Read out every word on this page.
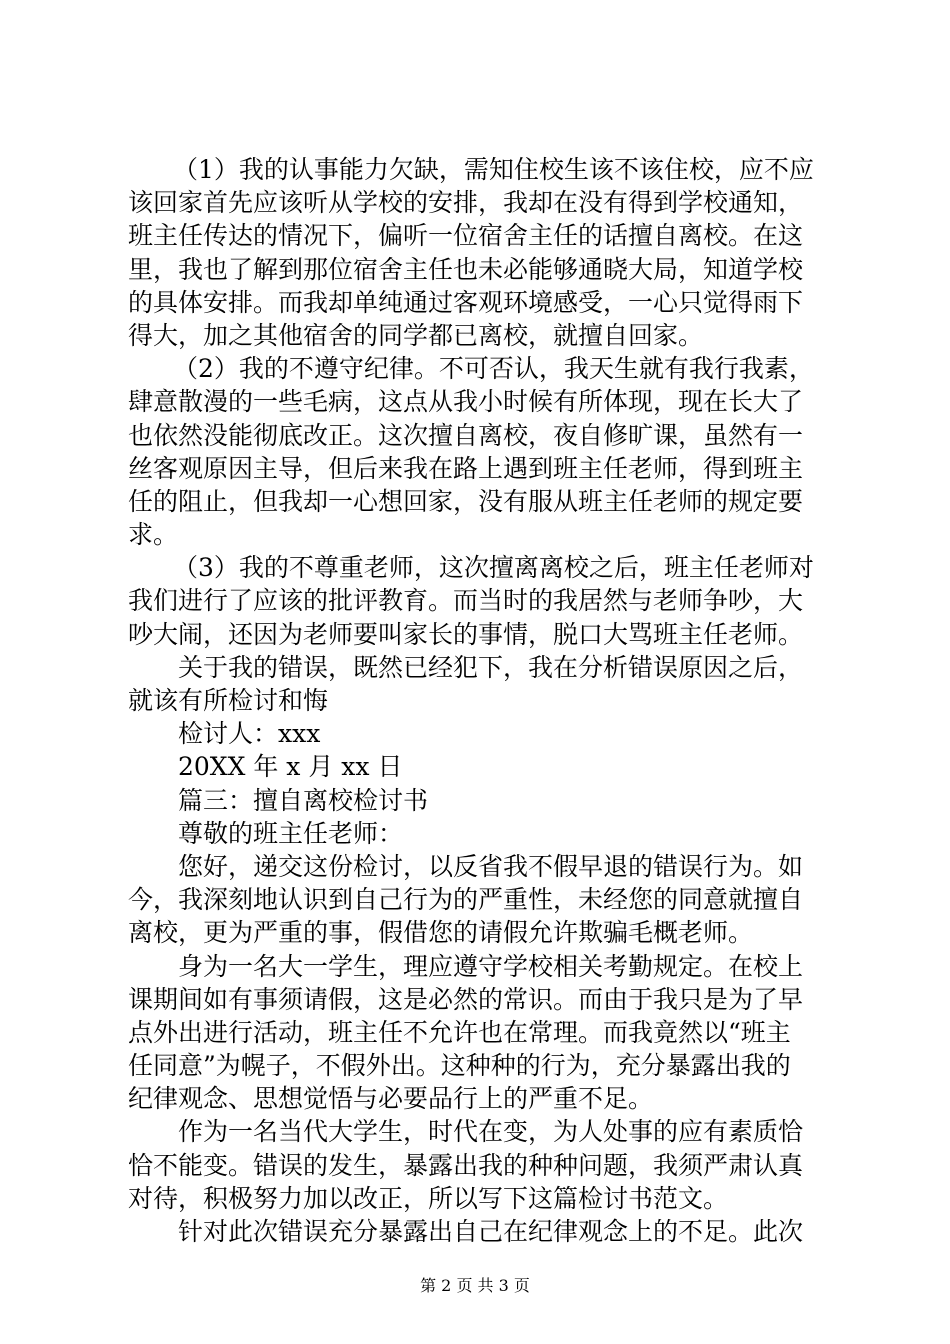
（1）我的认事能力欠缺，需知住校生该不该住校，应不应
该回家首先应该听从学校的安排，我却在没有得到学校通知，
班主任传达的情况下，偏听一位宿舍主任的话擅自离校。在这
里，我也了解到那位宿舍主任也未必能够通晓大局，知道学校
的具体安排。而我却单纯通过客观环境感受，一心只觉得雨下
得大，加之其他宿舍的同学都已离校，就擅自回家。
（2）我的不遵守纪律。不可否认，我天生就有我行我素，
肆意散漫的一些毛病，这点从我小时候有所体现，现在长大了
也依然没能彻底改正。这次擅自离校，夜自修旷课，虽然有一
丝客观原因主导，但后来我在路上遇到班主任老师，得到班主
任的阻止，但我却一心想回家，没有服从班主任老师的规定要
求。
（3）我的不尊重老师，这次擅离离校之后，班主任老师对
我们进行了应该的批评教育。而当时的我居然与老师争吵，大
吵大闹，还因为老师要叫家长的事情，脱口大骂班主任老师。
关于我的错误，既然已经犯下，我在分析错误原因之后，
就该有所检讨和悔
检讨人：xxx
20XX 年 x 月 xx 日
篇三：擅自离校检讨书
尊敬的班主任老师：
您好，递交这份检讨，以反省我不假早退的错误行为。如
今，我深刻地认识到自己行为的严重性，未经您的同意就擅自
离校，更为严重的事，假借您的请假允许欺骗毛概老师。
身为一名大一学生，理应遵守学校相关考勤规定。在校上
课期间如有事须请假，这是必然的常识。而由于我只是为了早
点外出进行活动，班主任不允许也在常理。而我竟然以“班主
任同意”为幌子，不假外出。这种种的行为，充分暴露出我的
纪律观念、思想觉悟与必要品行上的严重不足。
作为一名当代大学生，时代在变，为人处事的应有素质恰
恰不能变。错误的发生，暴露出我的种种问题，我须严肃认真
对待，积极努力加以改正，所以写下这篇检讨书范文。
针对此次错误充分暴露出自己在纪律观念上的不足。此次
第 2 页 共 3 页
